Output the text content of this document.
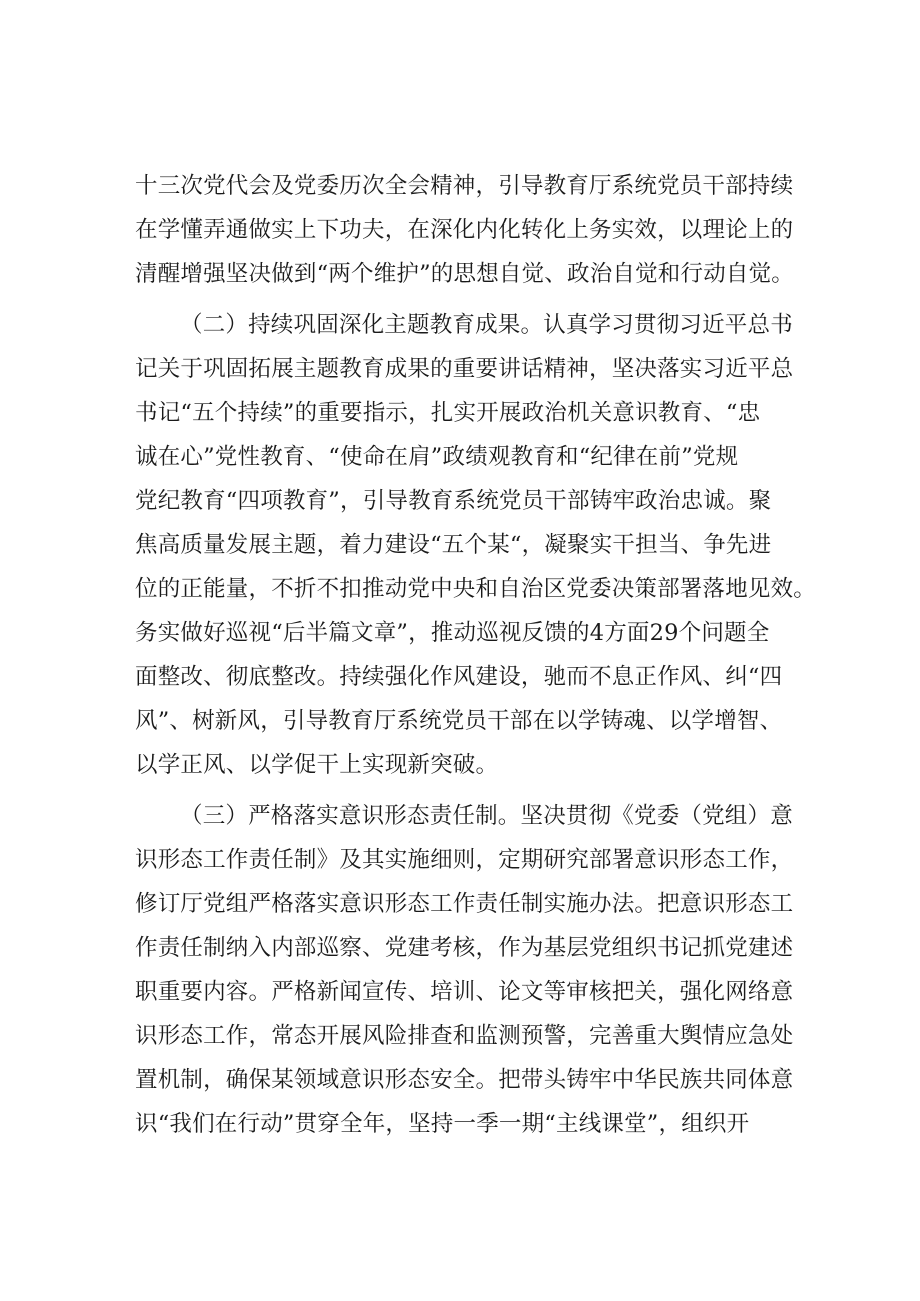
十三次党代会及党委历次全会精神，引导教育厅系统党员干部持续
在学懂弄通做实上下功夫，在深化内化转化上务实效，以理论上的
清醒增强坚决做到“两个维护”的思想自觉、政治自觉和行动自觉。
（二）持续巩固深化主题教育成果。认真学习贯彻习近平总书
记关于巩固拓展主题教育成果的重要讲话精神，坚决落实习近平总
书记“五个持续”的重要指示，扎实开展政治机关意识教育、“忠
诚在心”党性教育、“使命在肩”政绩观教育和“纪律在前”党规
党纪教育“四项教育”，引导教育系统党员干部铸牢政治忠诚。聚
焦高质量发展主题，着力建设“五个某“，凝聚实干担当、争先进
位的正能量，不折不扣推动党中央和自治区党委决策部署落地见效。
务实做好巡视“后半篇文章”，推动巡视反馈的4方面29个问题全
面整改、彻底整改。持续强化作风建设，驰而不息正作风、纠“四
风”、树新风，引导教育厅系统党员干部在以学铸魂、以学增智、
以学正风、以学促干上实现新突破。
（三）严格落实意识形态责任制。坚决贯彻《党委（党组）意
识形态工作责任制》及其实施细则，定期研究部署意识形态工作，
修订厅党组严格落实意识形态工作责任制实施办法。把意识形态工
作责任制纳入内部巡察、党建考核，作为基层党组织书记抓党建述
职重要内容。严格新闻宣传、培训、论文等审核把关，强化网络意
识形态工作，常态开展风险排查和监测预警，完善重大舆情应急处
置机制，确保某领域意识形态安全。把带头铸牢中华民族共同体意
识“我们在行动”贯穿全年，坚持一季一期“主线课堂”，组织开
